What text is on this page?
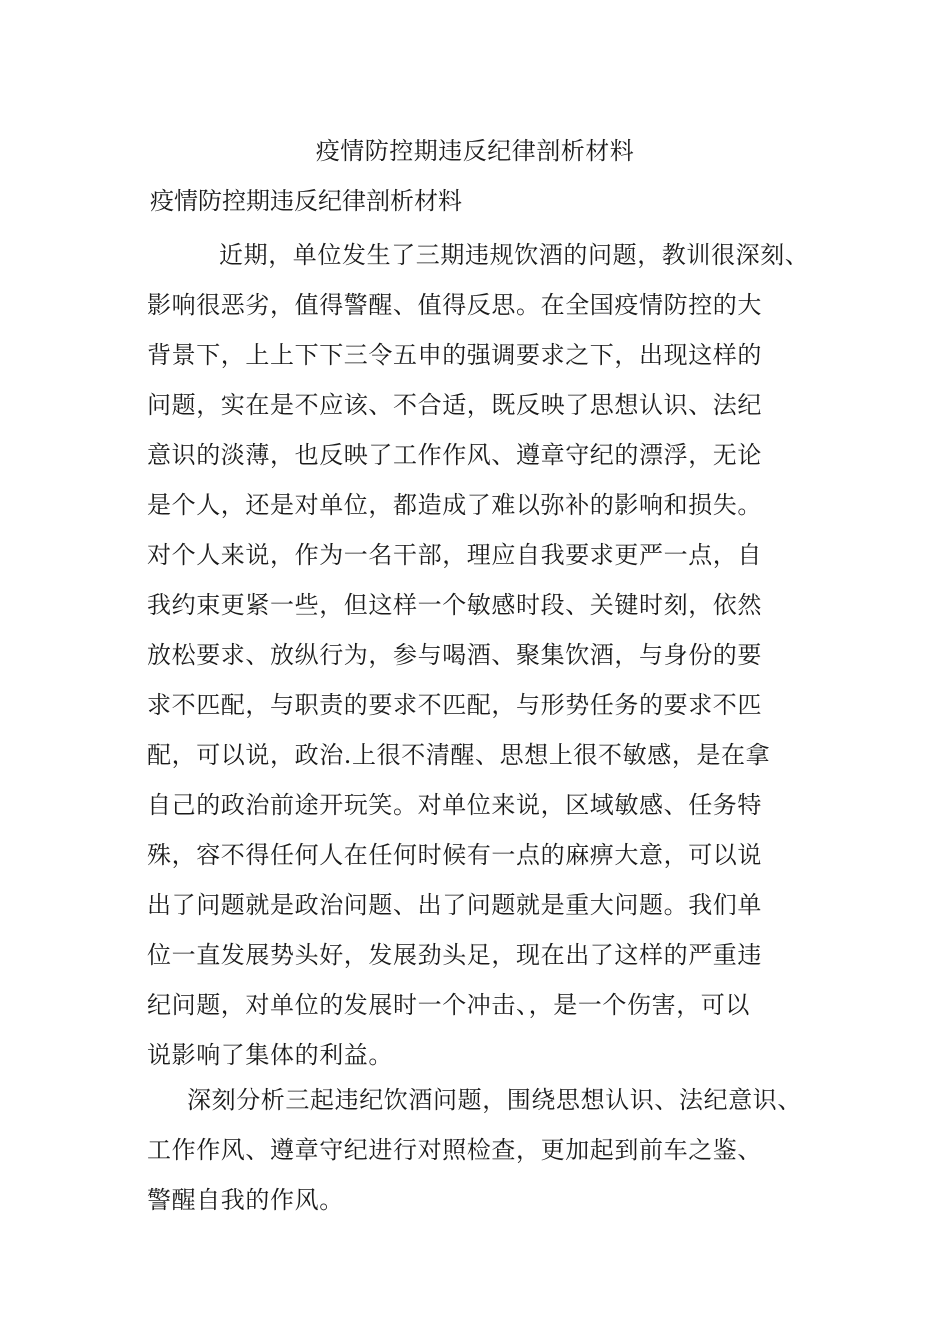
疫情防控期违反纪律剖析材料
疫情防控期违反纪律剖析材料
近期，单位发生了三期违规饮酒的问题，教训很深刻、
影响很恶劣，值得警醒、值得反思。在全国疫情防控的大
背景下，上上下下三令五申的强调要求之下，出现这样的
问题，实在是不应该、不合适，既反映了思想认识、法纪
意识的淡薄，也反映了工作作风、遵章守纪的漂浮，无论
是个人，还是对单位，都造成了难以弥补的影响和损失。
对个人来说，作为一名干部，理应自我要求更严一点，自
我约束更紧一些，但这样一个敏感时段、关键时刻，依然
放松要求、放纵行为，参与喝酒、聚集饮酒，与身份的要
求不匹配，与职责的要求不匹配，与形势任务的要求不匹
配，可以说，政治.上很不清醒、思想上很不敏感，是在拿
自己的政治前途开玩笑。对单位来说，区域敏感、任务特
殊，容不得任何人在任何时候有一点的麻痹大意，可以说
出了问题就是政治问题、出了问题就是重大问题。我们单
位一直发展势头好，发展劲头足，现在出了这样的严重违
纪问题，对单位的发展时一个冲击、，是一个伤害，可以
说影响了集体的利益。
深刻分析三起违纪饮酒问题，围绕思想认识、法纪意识、
工作作风、遵章守纪进行对照检查，更加起到前车之鉴、
警醒自我的作风。
